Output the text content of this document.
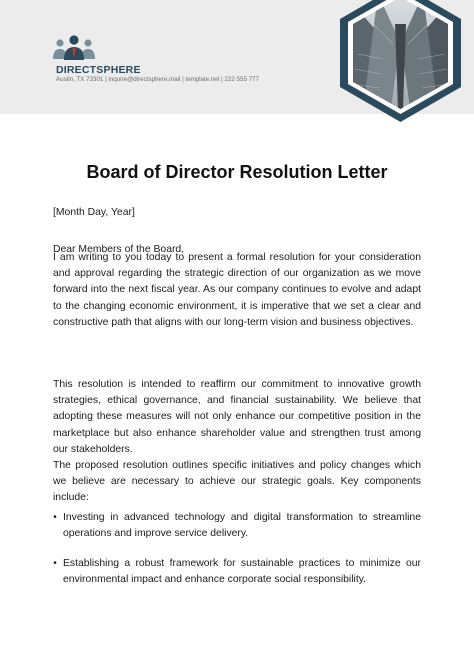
DIRECTSPHERE
Austin, TX 73301 | inquire@directsphere.mail | template.net | 222 555 777
Board of Director Resolution Letter
[Month Day, Year]
Dear Members of the Board,
I am writing to you today to present a formal resolution for your consideration and approval regarding the strategic direction of our organization as we move forward into the next fiscal year. As our company continues to evolve and adapt to the changing economic environment, it is imperative that we set a clear and constructive path that aligns with our long-term vision and business objectives.
This resolution is intended to reaffirm our commitment to innovative growth strategies, ethical governance, and financial sustainability. We believe that adopting these measures will not only enhance our competitive position in the marketplace but also enhance shareholder value and strengthen trust among our stakeholders.
The proposed resolution outlines specific initiatives and policy changes which we believe are necessary to achieve our strategic goals. Key components include:
• Investing in advanced technology and digital transformation to streamline operations and improve service delivery.
• Establishing a robust framework for sustainable practices to minimize our environmental impact and enhance corporate social responsibility.
